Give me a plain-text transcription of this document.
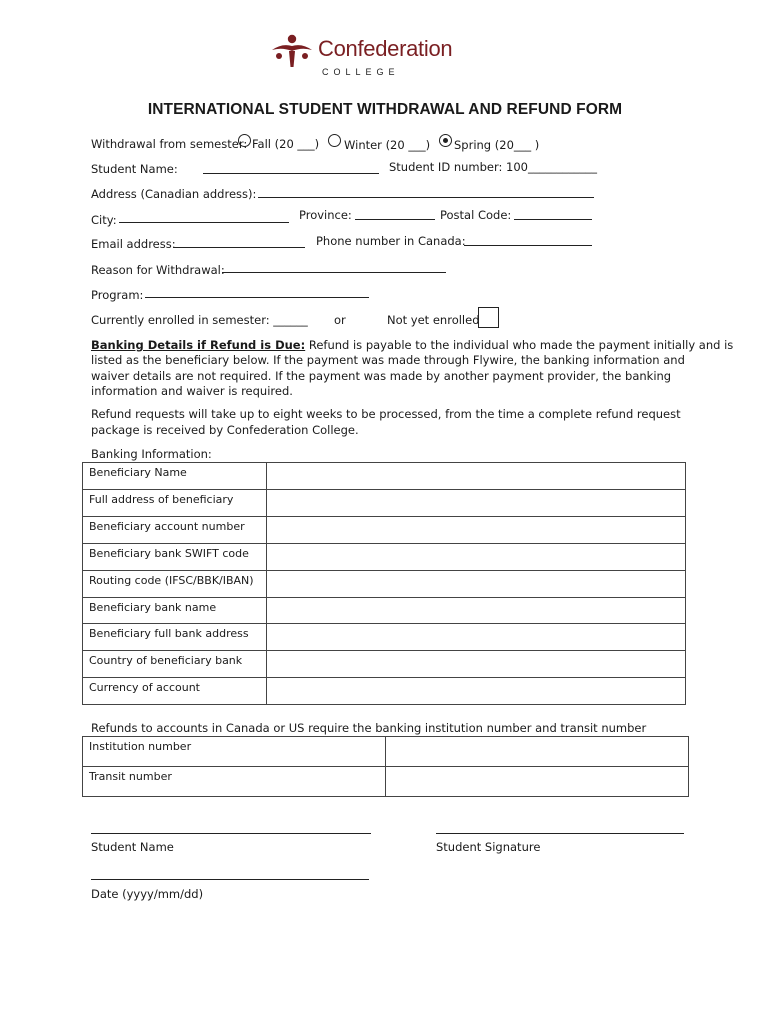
Confederation
COLLEGE
INTERNATIONAL STUDENT WITHDRAWAL AND REFUND FORM
Withdrawal from semester: Fall (20 ___) Winter (20 ___) Spring (20___ )
Student Name:	Student ID number: 100____________
Address (Canadian address):
City:	Province:	Postal Code:
Email address:	Phone number in Canada:
Reason for Withdrawal:
Program:
Currently enrolled in semester: ______ or	Not yet enrolled
Banking Details if Refund is Due: Refund is payable to the individual who made the payment initially and is
listed as the beneficiary below. If the payment was made through Flywire, the banking information and
waiver details are not required. If the payment was made by another payment provider, the banking
information and waiver is required.
Refund requests will take up to eight weeks to be processed, from the time a complete refund request
package is received by Confederation College.
Banking Information:
Beneficiary Name	
Full address of beneficiary	
Beneficiary account number	
Beneficiary bank SWIFT code	
Routing code (IFSC/BBK/IBAN)	
Beneficiary bank name	
Beneficiary full bank address	
Country of beneficiary bank	
Currency of account	
Refunds to accounts in Canada or US require the banking institution number and transit number
Institution number	
Transit number	
Student Name	Student Signature
Date (yyyy/mm/dd)
